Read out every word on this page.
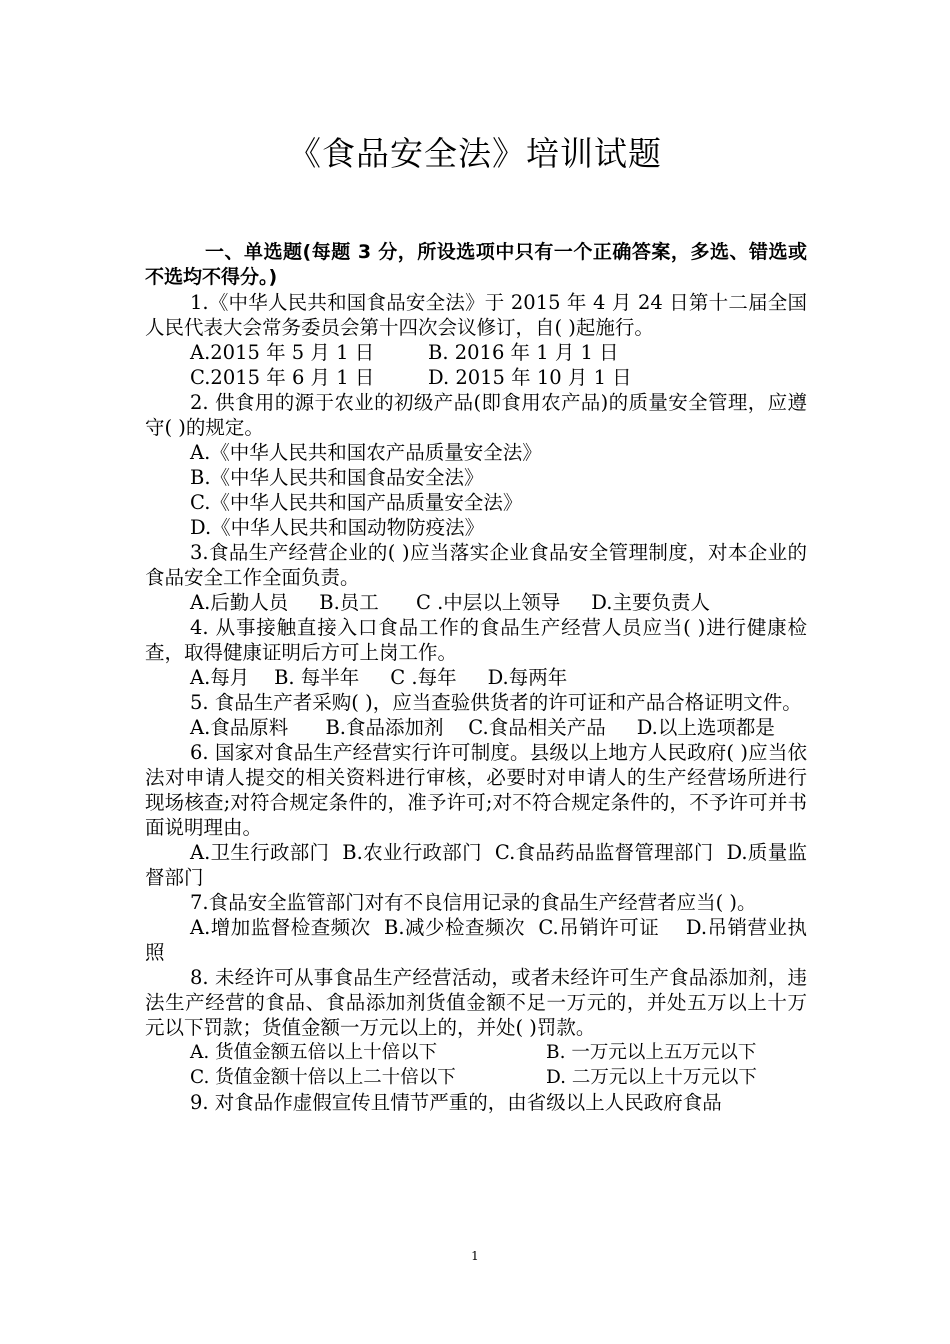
《食品安全法》培训试题

一、单选题(每题 3 分，所设选项中只有一个正确答案，多选、错选或不选均不得分。)

1.《中华人民共和国食品安全法》于 2015 年 4 月 24 日第十二届全国人民代表大会常务委员会第十四次会议修订，自( )起施行。

A.2015 年 5 月 1 日	B. 2016 年 1 月 1 日

C.2015 年 6 月 1 日	D. 2015 年 10 月 1 日

2. 供食用的源于农业的初级产品(即食用农产品)的质量安全管理，应遵守( )的规定。

A.《中华人民共和国农产品质量安全法》

B.《中华人民共和国食品安全法》

C.《中华人民共和国产品质量安全法》

D.《中华人民共和国动物防疫法》

3.食品生产经营企业的( )应当落实企业食品安全管理制度，对本企业的食品安全工作全面负责。

A.后勤人员     B.员工      C .中层以上领导     D.主要负责人

4. 从事接触直接入口食品工作的食品生产经营人员应当( )进行健康检查，取得健康证明后方可上岗工作。

A.每月    B. 每半年     C .每年     D.每两年

5. 食品生产者采购( )，应当查验供货者的许可证和产品合格证明文件。

A.食品原料      B.食品添加剂    C.食品相关产品     D.以上选项都是

6. 国家对食品生产经营实行许可制度。县级以上地方人民政府( )应当依法对申请人提交的相关资料进行审核，必要时对申请人的生产经营场所进行现场核查;对符合规定条件的，准予许可;对不符合规定条件的，不予许可并书面说明理由。

A.卫生行政部门  B.农业行政部门  C.食品药品监督管理部门  D.质量监督部门

7.食品安全监管部门对有不良信用记录的食品生产经营者应当( )。

A.增加监督检查频次  B.减少检查频次  C.吊销许可证    D.吊销营业执照

8. 未经许可从事食品生产经营活动，或者未经许可生产食品添加剂，违法生产经营的食品、食品添加剂货值金额不足一万元的，并处五万以上十万元以下罚款；货值金额一万元以上的，并处( )罚款。

A. 货值金额五倍以上十倍以下	B. 一万元以上五万元以下

C. 货值金额十倍以上二十倍以下	D. 二万元以上十万元以下

9. 对食品作虚假宣传且情节严重的，由省级以上人民政府食品

1
